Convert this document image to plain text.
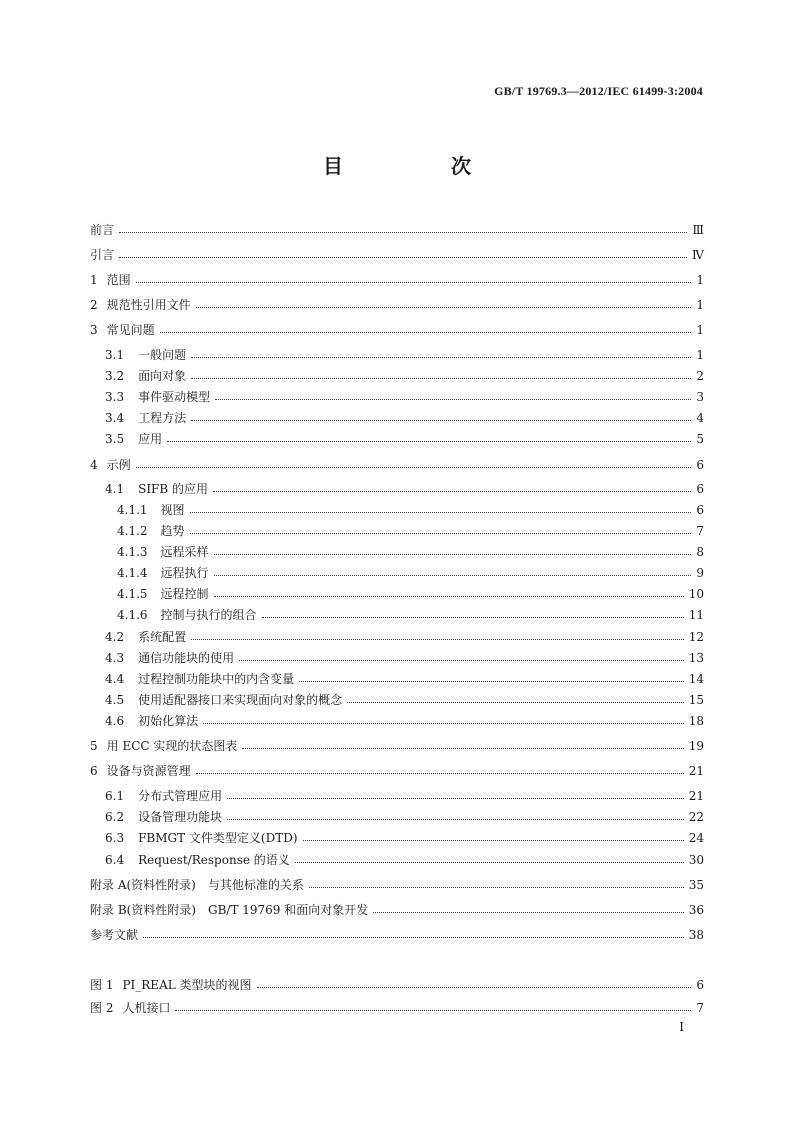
GB/T 19769.3—2012/IEC 61499-3:2004
目　次
前言	Ⅲ
引言	Ⅳ
1 范围	1
2 规范性引用文件	1
3 常见问题	1
3.1 一般问题	1
3.2 面向对象	2
3.3 事件驱动模型	3
3.4 工程方法	4
3.5 应用	5
4 示例	6
4.1 SIFB 的应用	6
4.1.1 视图	6
4.1.2 趋势	7
4.1.3 远程采样	8
4.1.4 远程执行	9
4.1.5 远程控制	10
4.1.6 控制与执行的组合	11
4.2 系统配置	12
4.3 通信功能块的使用	13
4.4 过程控制功能块中的内含变量	14
4.5 使用适配器接口来实现面向对象的概念	15
4.6 初始化算法	18
5 用 ECC 实现的状态图表	19
6 设备与资源管理	21
6.1 分布式管理应用	21
6.2 设备管理功能块	22
6.3 FBMGT 文件类型定义(DTD)	24
6.4 Request/Response 的语义	30
附录 A(资料性附录)　与其他标准的关系	35
附录 B(资料性附录)　GB/T 19769 和面向对象开发	36
参考文献	38
图 1 PI_REAL 类型块的视图	6
图 2 人机接口	7
Ⅰ
